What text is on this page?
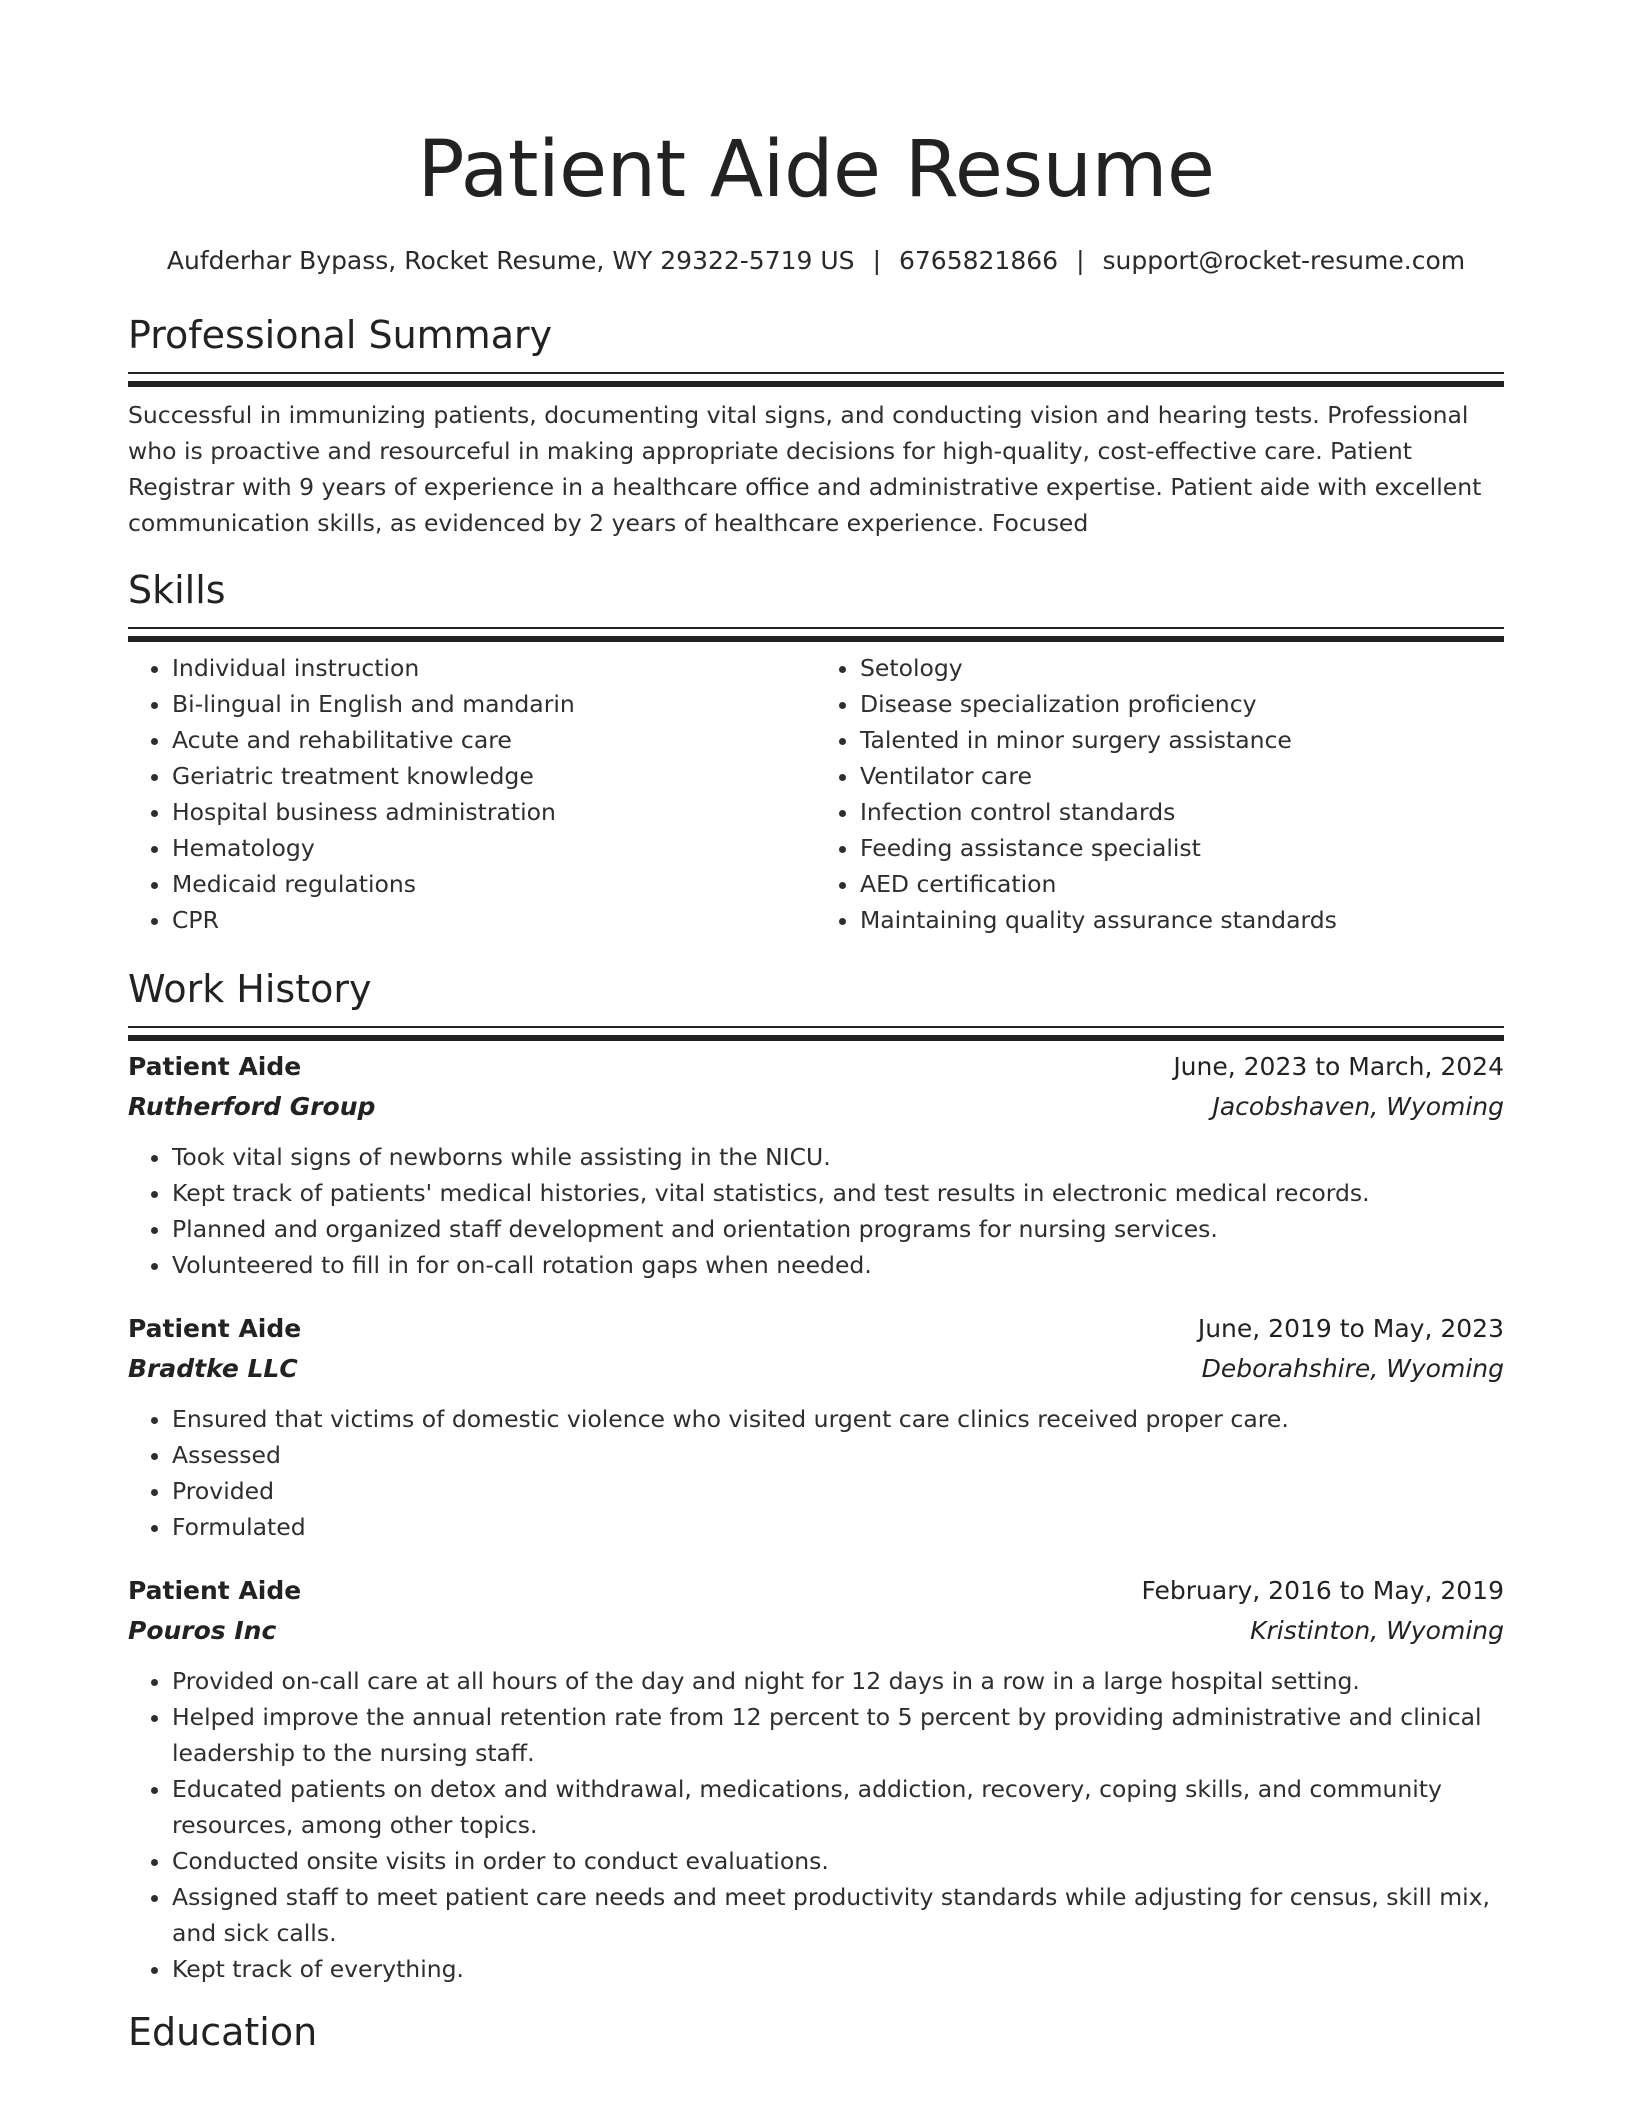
Patient Aide Resume
Aufderhar Bypass, Rocket Resume, WY 29322-5719 US | 6765821866 | support@rocket-resume.com
Professional Summary

Successful in immunizing patients, documenting vital signs, and conducting vision and hearing tests. Professional who is proactive and resourceful in making appropriate decisions for high-quality, cost-effective care. Patient Registrar with 9 years of experience in a healthcare office and administrative expertise. Patient aide with excellent communication skills, as evidenced by 2 years of healthcare experience. Focused

Skills
• Individual instruction
• Bi-lingual in English and mandarin
• Acute and rehabilitative care
• Geriatric treatment knowledge
• Hospital business administration
• Hematology
• Medicaid regulations
• CPR
• Setology
• Disease specialization proficiency
• Talented in minor surgery assistance
• Ventilator care
• Infection control standards
• Feeding assistance specialist
• AED certification
• Maintaining quality assurance standards
Work History
Patient Aide	June, 2023 to March, 2024
Rutherford Group	Jacobshaven, Wyoming
• Took vital signs of newborns while assisting in the NICU.
• Kept track of patients' medical histories, vital statistics, and test results in electronic medical records.
• Planned and organized staff development and orientation programs for nursing services.
• Volunteered to fill in for on-call rotation gaps when needed.
Patient Aide	June, 2019 to May, 2023
Bradtke LLC	Deborahshire, Wyoming
• Ensured that victims of domestic violence who visited urgent care clinics received proper care.
• Assessed
• Provided
• Formulated
Patient Aide	February, 2016 to May, 2019
Pouros Inc	Kristinton, Wyoming
• Provided on-call care at all hours of the day and night for 12 days in a row in a large hospital setting.
• Helped improve the annual retention rate from 12 percent to 5 percent by providing administrative and clinical leadership to the nursing staff.
• Educated patients on detox and withdrawal, medications, addiction, recovery, coping skills, and community resources, among other topics.
• Conducted onsite visits in order to conduct evaluations.
• Assigned staff to meet patient care needs and meet productivity standards while adjusting for census, skill mix, and sick calls.
• Kept track of everything.
Education
